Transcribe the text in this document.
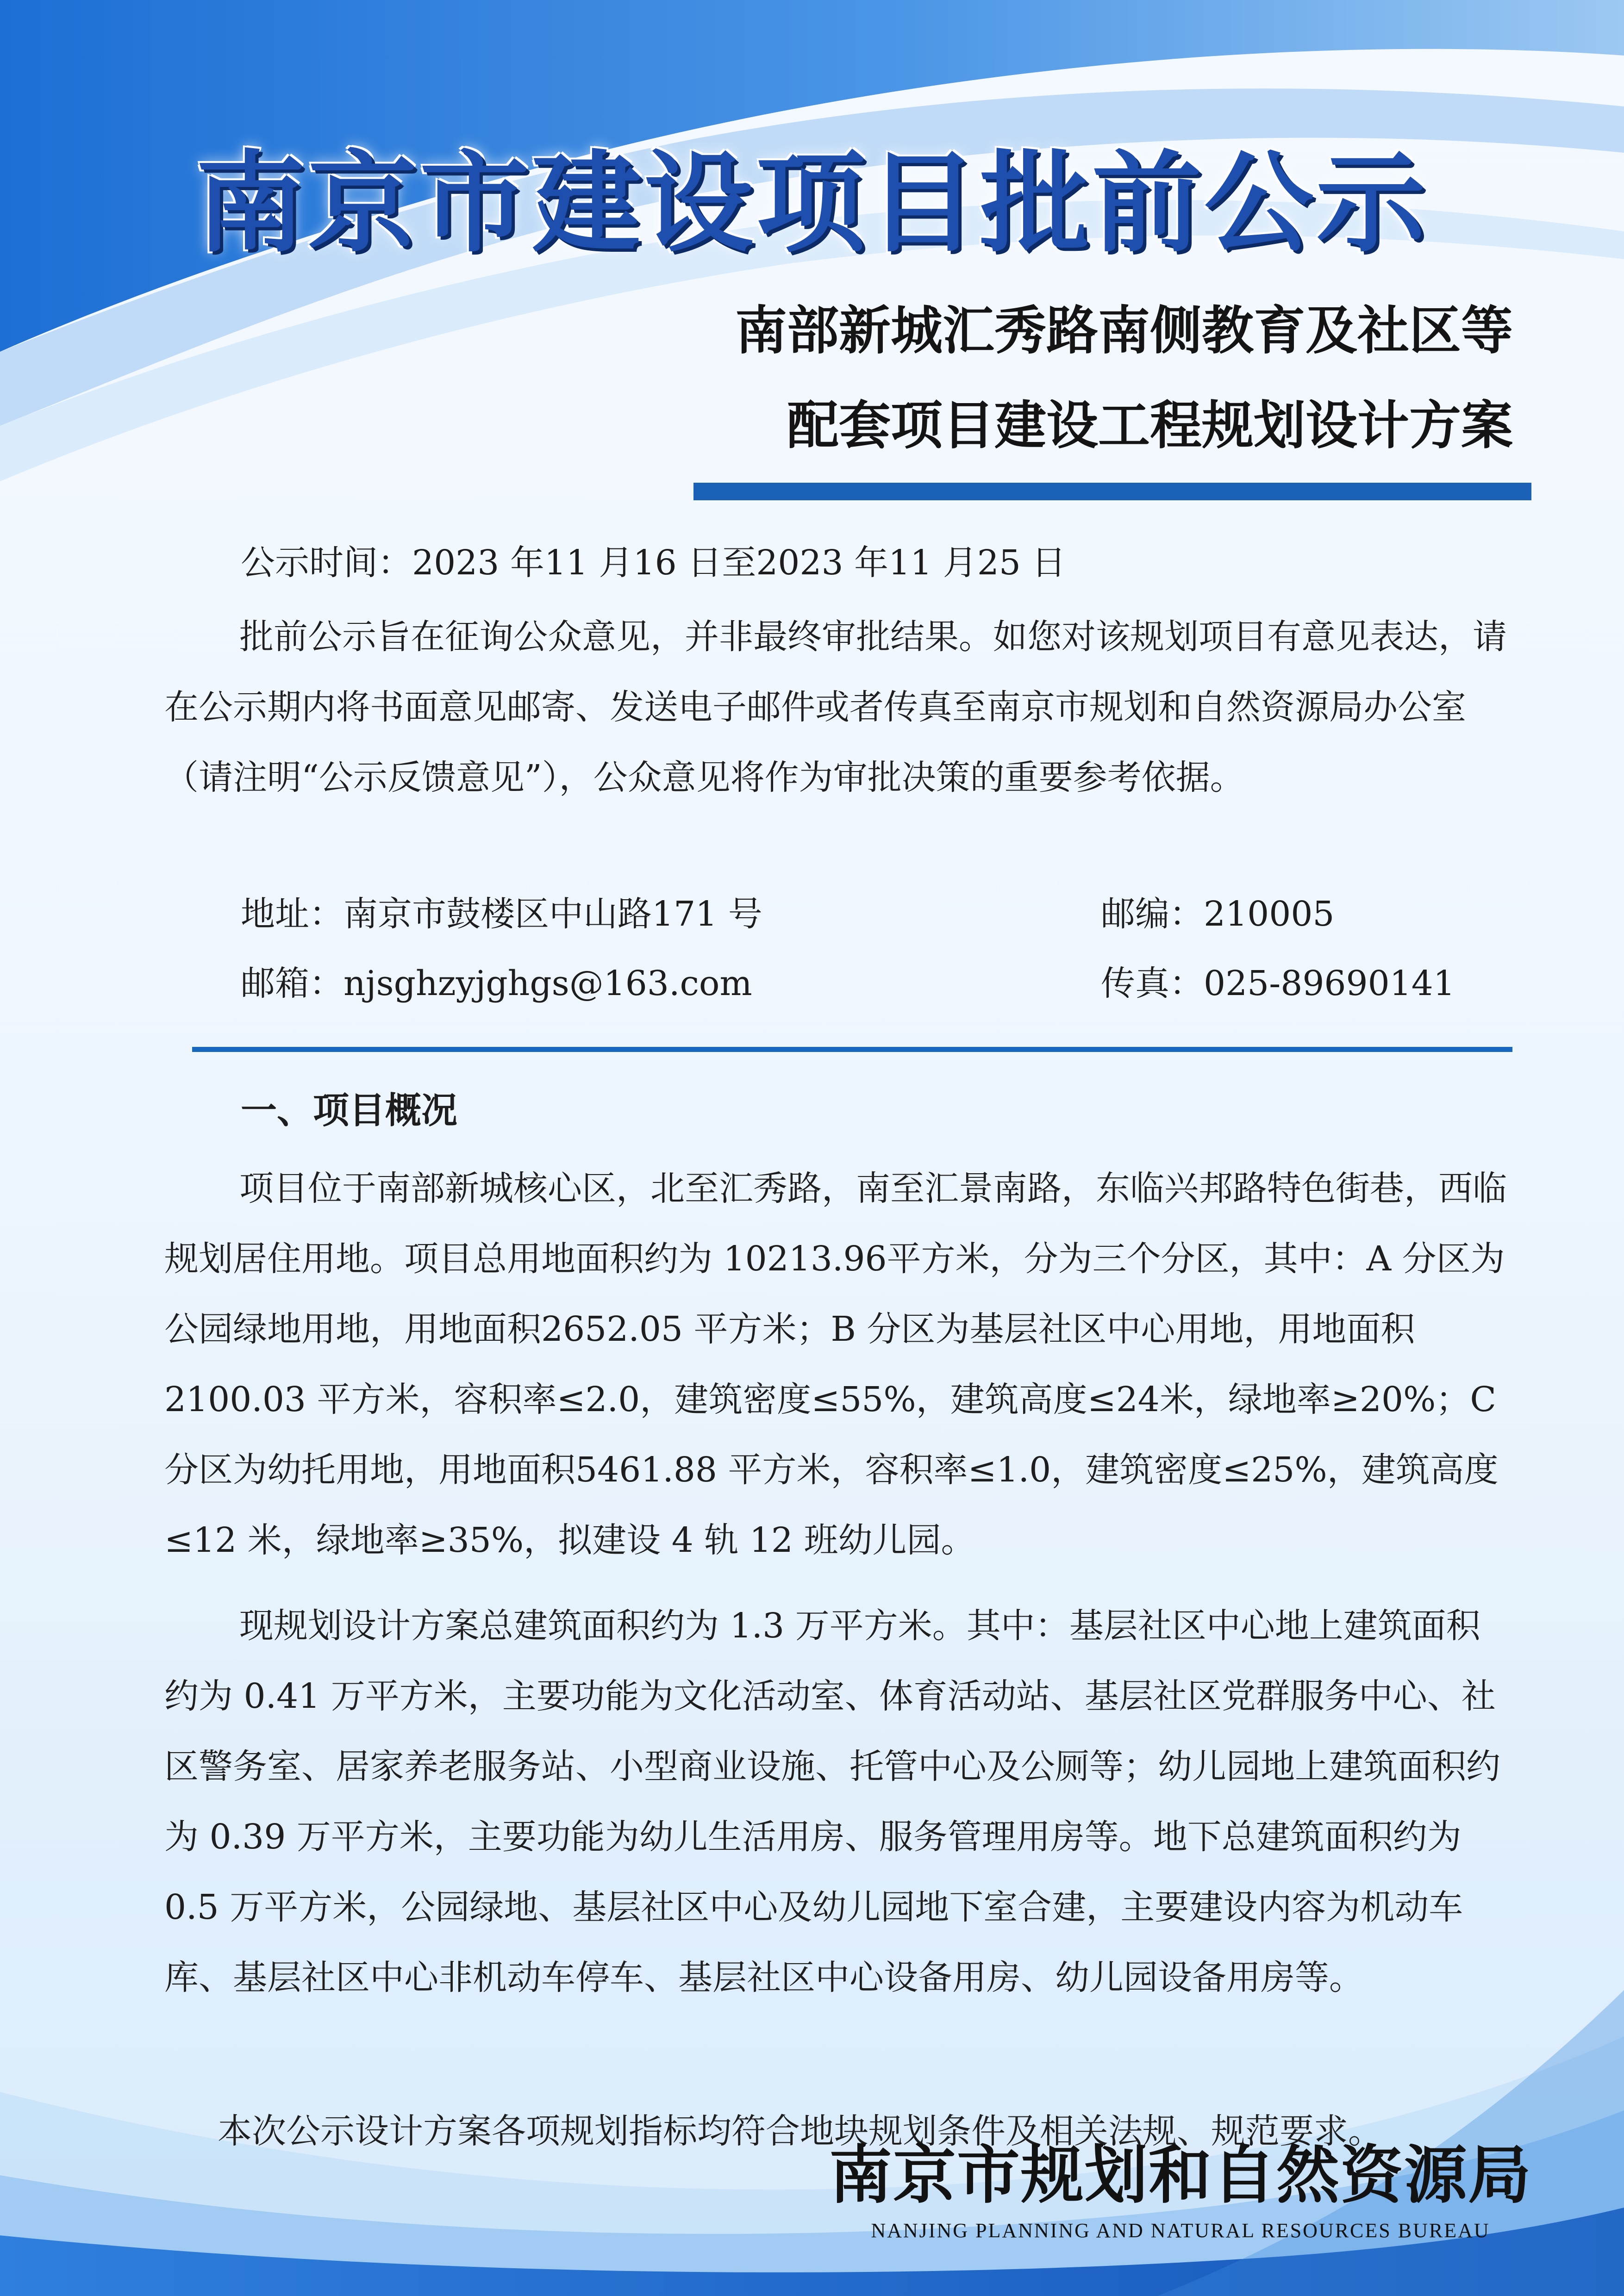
南京市建设项目批前公示
南部新城汇秀路南侧教育及社区等
配套项目建设工程规划设计方案
公示时间：2023 年11 月16 日至2023 年11 月25 日
批前公示旨在征询公众意见，并非最终审批结果。如您对该规划项目有意见表达，请在公示期内将书面意见邮寄、发送电子邮件或者传真至南京市规划和自然资源局办公室（请注明“公示反馈意见”），公众意见将作为审批决策的重要参考依据。
地址：南京市鼓楼区中山路171 号	邮编：210005
邮箱：njsghzyjghgs@163.com	传真：025-89690141
一、项目概况
项目位于南部新城核心区，北至汇秀路，南至汇景南路，东临兴邦路特色街巷，西临规划居住用地。项目总用地面积约为 10213.96平方米，分为三个分区，其中：A 分区为公园绿地用地，用地面积2652.05 平方米；B 分区为基层社区中心用地，用地面积2100.03 平方米，容积率≤2.0，建筑密度≤55%，建筑高度≤24米，绿地率≥20%；C 分区为幼托用地，用地面积5461.88 平方米，容积率≤1.0，建筑密度≤25%，建筑高度≤12 米，绿地率≥35%，拟建设 4 轨 12 班幼儿园。
现规划设计方案总建筑面积约为 1.3 万平方米。其中：基层社区中心地上建筑面积约为 0.41 万平方米，主要功能为文化活动室、体育活动站、基层社区党群服务中心、社区警务室、居家养老服务站、小型商业设施、托管中心及公厕等；幼儿园地上建筑面积约为 0.39 万平方米，主要功能为幼儿生活用房、服务管理用房等。地下总建筑面积约为 0.5 万平方米，公园绿地、基层社区中心及幼儿园地下室合建，主要建设内容为机动车库、基层社区中心非机动车停车、基层社区中心设备用房、幼儿园设备用房等。
本次公示设计方案各项规划指标均符合地块规划条件及相关法规、规范要求。
南京市规划和自然资源局
NANJING PLANNING AND NATURAL RESOURCES BUREAU
